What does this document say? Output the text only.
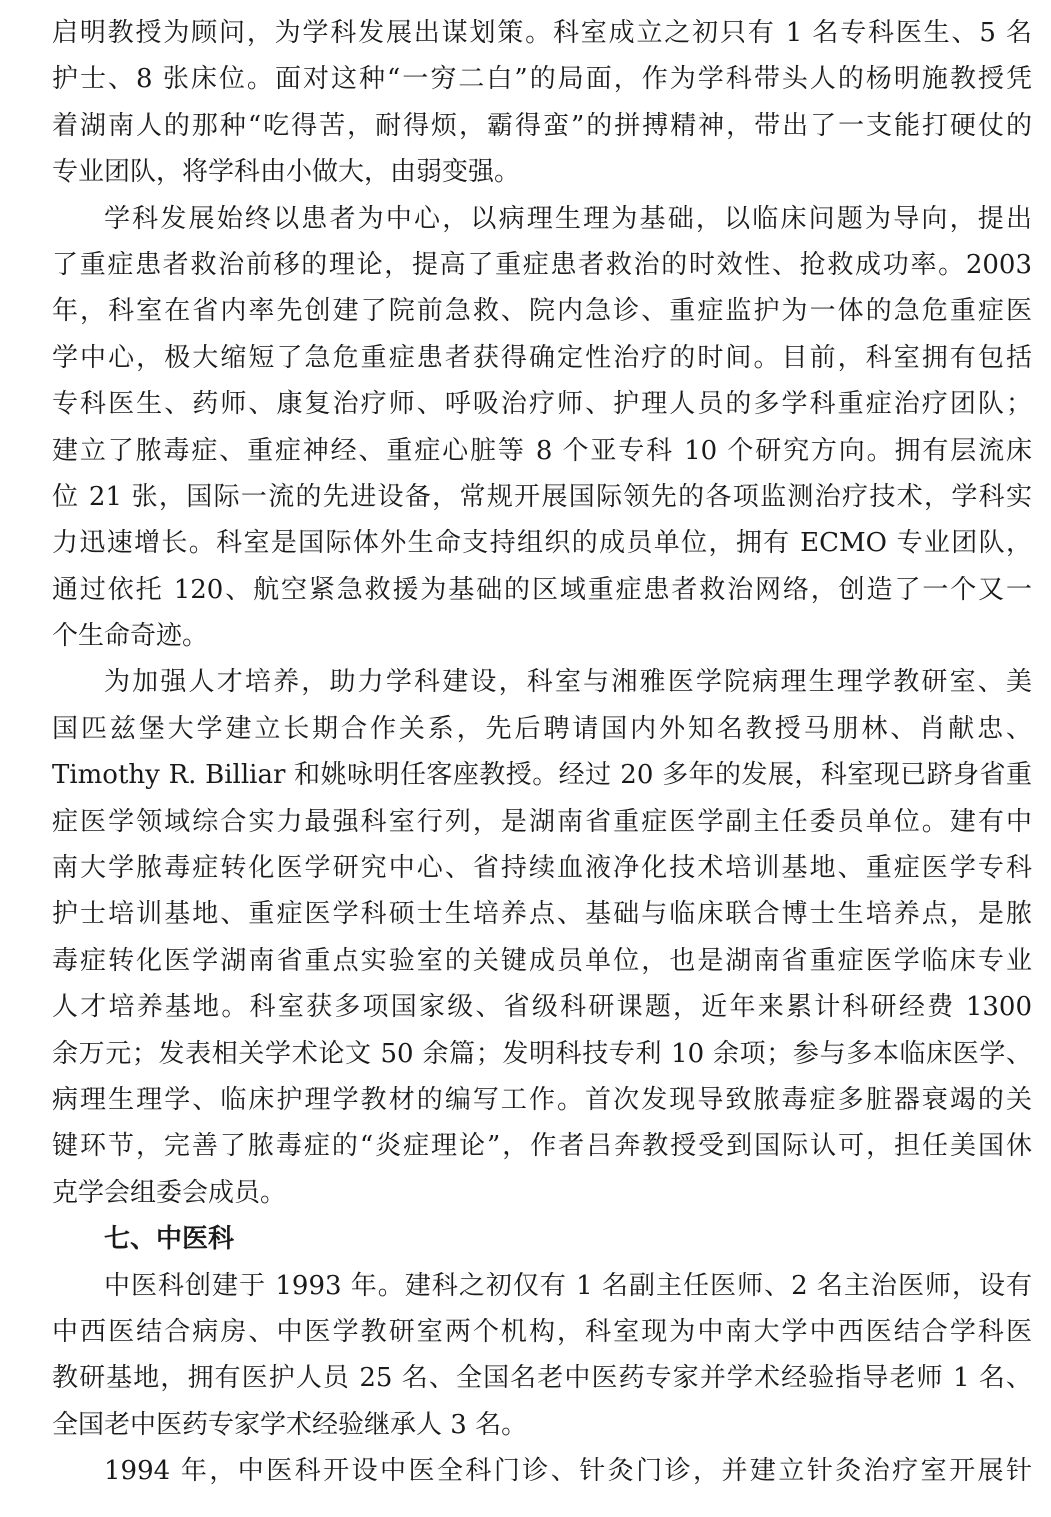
启明教授为顾问，为学科发展出谋划策。科室成立之初只有 1 名专科医生、5 名
护士、8 张床位。面对这种“一穷二白”的局面，作为学科带头人的杨明施教授凭
着湖南人的那种“吃得苦，耐得烦，霸得蛮”的拼搏精神，带出了一支能打硬仗的
专业团队，将学科由小做大，由弱变强。
学科发展始终以患者为中心，以病理生理为基础，以临床问题为导向，提出
了重症患者救治前移的理论，提高了重症患者救治的时效性、抢救成功率。2003
年，科室在省内率先创建了院前急救、院内急诊、重症监护为一体的急危重症医
学中心，极大缩短了急危重症患者获得确定性治疗的时间。目前，科室拥有包括
专科医生、药师、康复治疗师、呼吸治疗师、护理人员的多学科重症治疗团队；
建立了脓毒症、重症神经、重症心脏等 8 个亚专科 10 个研究方向。拥有层流床
位 21 张，国际一流的先进设备，常规开展国际领先的各项监测治疗技术，学科实
力迅速增长。科室是国际体外生命支持组织的成员单位，拥有 ECMO 专业团队，
通过依托 120、航空紧急救援为基础的区域重症患者救治网络，创造了一个又一
个生命奇迹。
为加强人才培养，助力学科建设，科室与湘雅医学院病理生理学教研室、美
国匹兹堡大学建立长期合作关系，先后聘请国内外知名教授马朋林、肖献忠、
Timothy R. Billiar 和姚咏明任客座教授。经过 20 多年的发展，科室现已跻身省重
症医学领域综合实力最强科室行列，是湖南省重症医学副主任委员单位。建有中
南大学脓毒症转化医学研究中心、省持续血液净化技术培训基地、重症医学专科
护士培训基地、重症医学科硕士生培养点、基础与临床联合博士生培养点，是脓
毒症转化医学湖南省重点实验室的关键成员单位，也是湖南省重症医学临床专业
人才培养基地。科室获多项国家级、省级科研课题，近年来累计科研经费 1300
余万元；发表相关学术论文 50 余篇；发明科技专利 10 余项；参与多本临床医学、
病理生理学、临床护理学教材的编写工作。首次发现导致脓毒症多脏器衰竭的关
键环节，完善了脓毒症的“炎症理论”，作者吕奔教授受到国际认可，担任美国休
克学会组委会成员。
七、中医科
中医科创建于 1993 年。建科之初仅有 1 名副主任医师、2 名主治医师，设有
中西医结合病房、中医学教研室两个机构，科室现为中南大学中西医结合学科医
教研基地，拥有医护人员 25 名、全国名老中医药专家并学术经验指导老师 1 名、
全国老中医药专家学术经验继承人 3 名。
1994 年，中医科开设中医全科门诊、针灸门诊，并建立针灸治疗室开展针
